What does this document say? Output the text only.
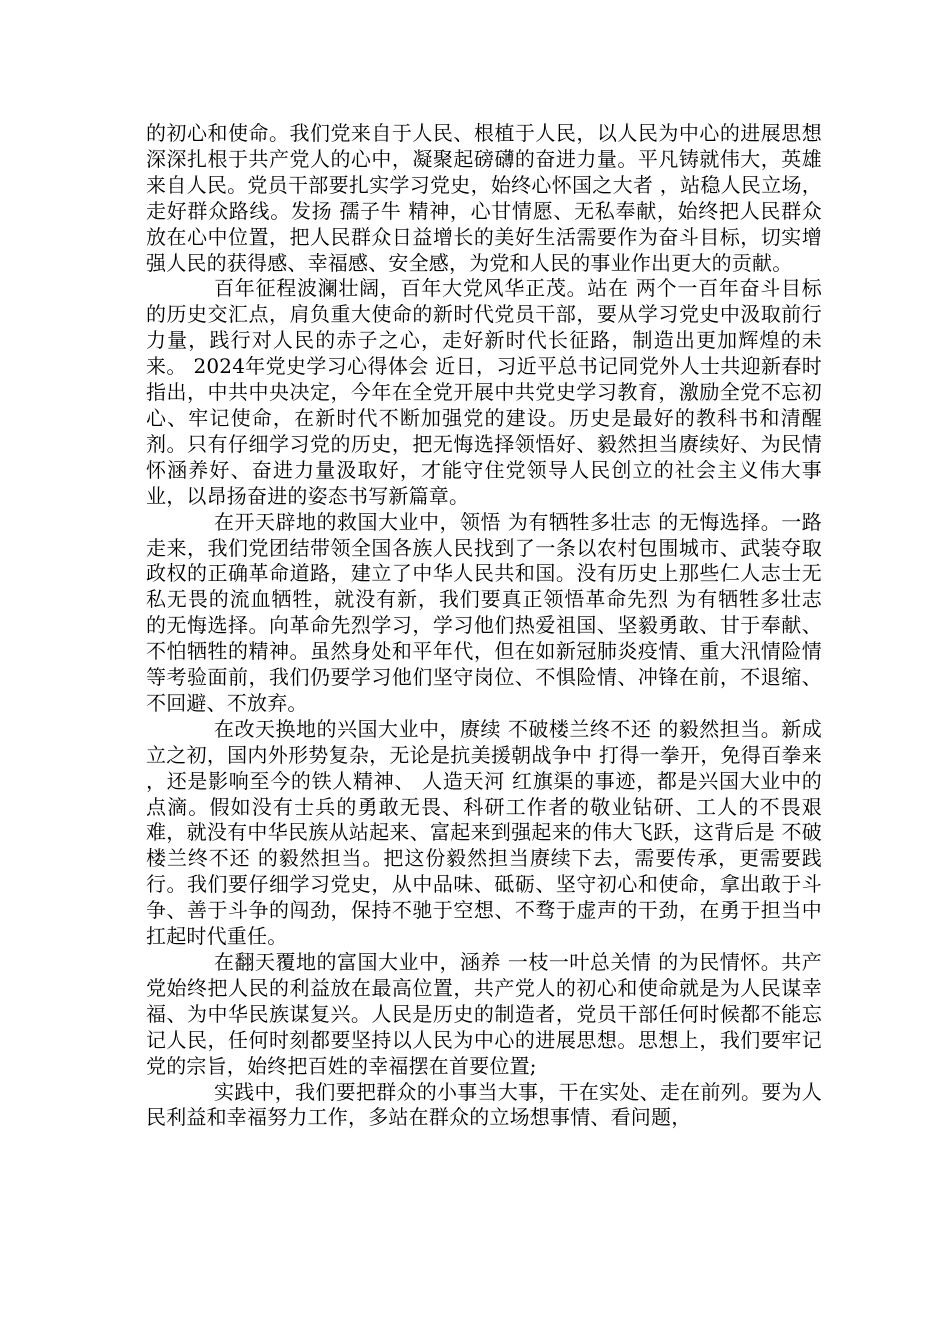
的初心和使命。我们党来自于人民、根植于人民，以人民为中心的进展思想深深扎根于共产党人的心中，凝聚起磅礴的奋进力量。平凡铸就伟大，英雄来自人民。党员干部要扎实学习党史，始终心怀国之大者 ，站稳人民立场，走好群众路线。发扬 孺子牛 精神，心甘情愿、无私奉献，始终把人民群众放在心中位置，把人民群众日益增长的美好生活需要作为奋斗目标，切实增强人民的获得感、幸福感、安全感，为党和人民的事业作出更大的贡献。

百年征程波澜壮阔，百年大党风华正茂。站在 两个一百年奋斗目标的历史交汇点，肩负重大使命的新时代党员干部，要从学习党史中汲取前行力量，践行对人民的赤子之心，走好新时代长征路，制造出更加辉煌的未来。 2024年党史学习心得体会 近日，习近平总书记同党外人士共迎新春时指出，中共中央决定，今年在全党开展中共党史学习教育，激励全党不忘初心、牢记使命，在新时代不断加强党的建设。历史是最好的教科书和清醒剂。只有仔细学习党的历史，把无悔选择领悟好、毅然担当赓续好、为民情怀涵养好、奋进力量汲取好，才能守住党领导人民创立的社会主义伟大事业，以昂扬奋进的姿态书写新篇章。

在开天辟地的救国大业中，领悟 为有牺牲多壮志 的无悔选择。一路走来，我们党团结带领全国各族人民找到了一条以农村包围城市、武装夺取政权的正确革命道路，建立了中华人民共和国。没有历史上那些仁人志士无私无畏的流血牺牲，就没有新，我们要真正领悟革命先烈 为有牺牲多壮志 的无悔选择。向革命先烈学习，学习他们热爱祖国、坚毅勇敢、甘于奉献、不怕牺牲的精神。虽然身处和平年代，但在如新冠肺炎疫情、重大汛情险情等考验面前，我们仍要学习他们坚守岗位、不惧险情、冲锋在前，不退缩、不回避、不放弃。

在改天换地的兴国大业中，赓续 不破楼兰终不还 的毅然担当。新成立之初，国内外形势复杂，无论是抗美援朝战争中 打得一拳开，免得百拳来 ，还是影响至今的铁人精神、 人造天河 红旗渠的事迹，都是兴国大业中的点滴。假如没有士兵的勇敢无畏、科研工作者的敬业钻研、工人的不畏艰难，就没有中华民族从站起来、富起来到强起来的伟大飞跃，这背后是 不破楼兰终不还 的毅然担当。把这份毅然担当赓续下去，需要传承，更需要践行。我们要仔细学习党史，从中品味、砥砺、坚守初心和使命，拿出敢于斗争、善于斗争的闯劲，保持不驰于空想、不骛于虚声的干劲，在勇于担当中扛起时代重任。

在翻天覆地的富国大业中，涵养 一枝一叶总关情 的为民情怀。共产党始终把人民的利益放在最高位置，共产党人的初心和使命就是为人民谋幸福、为中华民族谋复兴。人民是历史的制造者，党员干部任何时候都不能忘记人民，任何时刻都要坚持以人民为中心的进展思想。思想上，我们要牢记党的宗旨，始终把百姓的幸福摆在首要位置;

实践中，我们要把群众的小事当大事，干在实处、走在前列。要为人民利益和幸福努力工作，多站在群众的立场想事情、看问题，
